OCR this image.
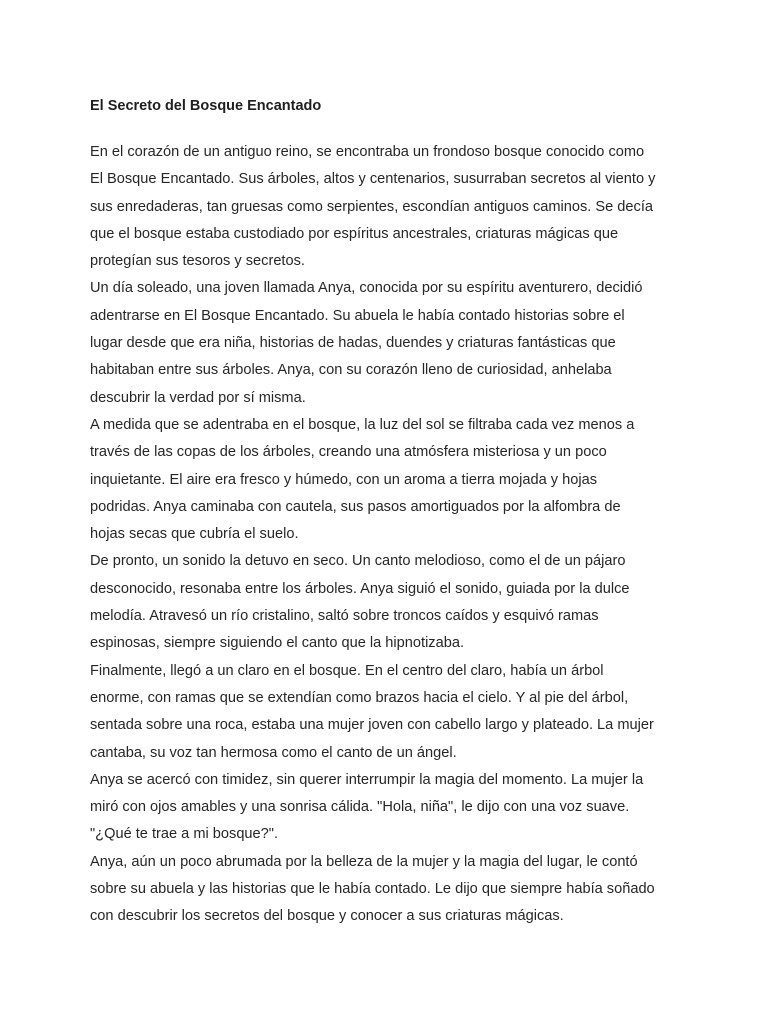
El Secreto del Bosque Encantado

En el corazón de un antiguo reino, se encontraba un frondoso bosque conocido como
El Bosque Encantado. Sus árboles, altos y centenarios, susurraban secretos al viento y
sus enredaderas, tan gruesas como serpientes, escondían antiguos caminos. Se decía
que el bosque estaba custodiado por espíritus ancestrales, criaturas mágicas que
protegían sus tesoros y secretos.

Un día soleado, una joven llamada Anya, conocida por su espíritu aventurero, decidió
adentrarse en El Bosque Encantado. Su abuela le había contado historias sobre el
lugar desde que era niña, historias de hadas, duendes y criaturas fantásticas que
habitaban entre sus árboles. Anya, con su corazón lleno de curiosidad, anhelaba
descubrir la verdad por sí misma.

A medida que se adentraba en el bosque, la luz del sol se filtraba cada vez menos a
través de las copas de los árboles, creando una atmósfera misteriosa y un poco
inquietante. El aire era fresco y húmedo, con un aroma a tierra mojada y hojas
podridas. Anya caminaba con cautela, sus pasos amortiguados por la alfombra de
hojas secas que cubría el suelo.

De pronto, un sonido la detuvo en seco. Un canto melodioso, como el de un pájaro
desconocido, resonaba entre los árboles. Anya siguió el sonido, guiada por la dulce
melodía. Atravesó un río cristalino, saltó sobre troncos caídos y esquivó ramas
espinosas, siempre siguiendo el canto que la hipnotizaba.

Finalmente, llegó a un claro en el bosque. En el centro del claro, había un árbol
enorme, con ramas que se extendían como brazos hacia el cielo. Y al pie del árbol,
sentada sobre una roca, estaba una mujer joven con cabello largo y plateado. La mujer
cantaba, su voz tan hermosa como el canto de un ángel.

Anya se acercó con timidez, sin querer interrumpir la magia del momento. La mujer la
miró con ojos amables y una sonrisa cálida. "Hola, niña", le dijo con una voz suave.
"¿Qué te trae a mi bosque?".

Anya, aún un poco abrumada por la belleza de la mujer y la magia del lugar, le contó
sobre su abuela y las historias que le había contado. Le dijo que siempre había soñado
con descubrir los secretos del bosque y conocer a sus criaturas mágicas.
